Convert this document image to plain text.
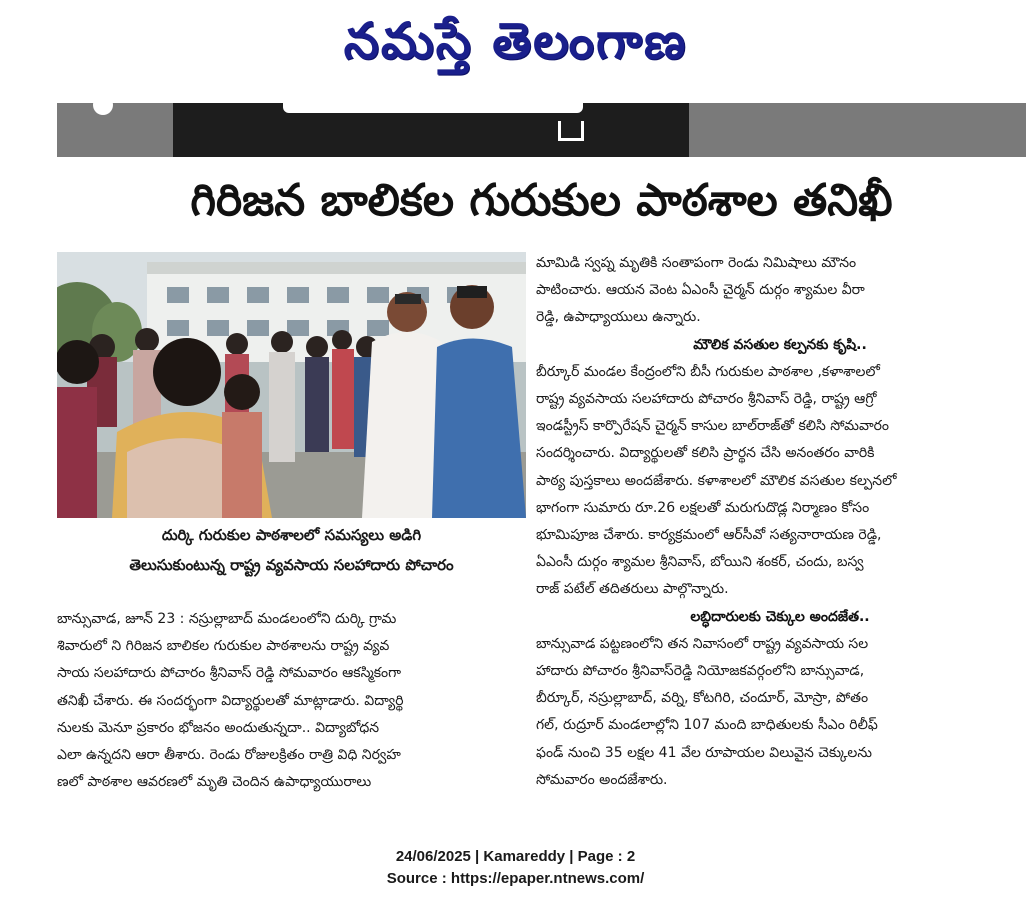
నమస్తే తెలంగాణ
గిరిజన బాలికల గురుకుల పాఠశాల తనిఖీ
దుర్కి గురుకుల పాఠశాలలో సమస్యలు అడిగి
తెలుసుకుంటున్న రాష్ట్ర వ్యవసాయ సలహాదారు పోచారం
బాన్సువాడ, జూన్ 23 : నస్రుల్లాబాద్ మండలంలోని దుర్కి గ్రామ
శివారులో ని గిరిజన బాలికల గురుకుల పాఠశాలను రాష్ట్ర వ్యవ
సాయ సలహాదారు పోచారం శ్రీనివాస్ రెడ్డి సోమవారం ఆకస్మికంగా
తనిఖీ చేశారు. ఈ సందర్భంగా విద్యార్థులతో మాట్లాడారు. విద్యార్థి
నులకు మెనూ ప్రకారం భోజనం అందుతున్నదా.. విద్యాబోధన
ఎలా ఉన్నదని ఆరా తీశారు. రెండు రోజులక్రితం రాత్రి విధి నిర్వహ
ణలో పాఠశాల ఆవరణలో మృతి చెందిన ఉపాధ్యాయురాలు
మామిడి స్వప్న మృతికి సంతాపంగా రెండు నిమిషాలు మౌనం
పాటించారు. ఆయన వెంట ఏఎంసీ చైర్మన్ దుర్గం శ్యామల వీరా
రెడ్డి, ఉపాధ్యాయులు ఉన్నారు.
మౌలిక వసతుల కల్పనకు కృషి..
బీర్కూర్ మండల కేంద్రంలోని బీసీ గురుకుల పాఠశాల ,కళాశాలలో
రాష్ట్ర వ్యవసాయ సలహాదారు పోచారం శ్రీనివాస్ రెడ్డి, రాష్ట్ర ఆగ్రో
ఇండస్ట్రీస్ కార్పొరేషన్ చైర్మన్ కాసుల బాల్‌రాజ్‌తో కలిసి సోమవారం
సందర్శించారు. విద్యార్థులతో కలిసి ప్రార్థన చేసి అనంతరం వారికి
పాఠ్య పుస్తకాలు అందజేశారు. కళాశాలలో మౌలిక వసతుల కల్పనలో
భాగంగా సుమారు రూ.26 లక్షలతో మరుగుదొడ్ల నిర్మాణం కోసం
భూమిపూజ చేశారు. కార్యక్రమంలో ఆర్‌సీవో సత్యనారాయణ రెడ్డి,
ఏఎంసీ దుర్గం శ్యామల శ్రీనివాస్, బోయిని శంకర్, చందు, బస్వ
రాజ్ పటేల్ తదితరులు పాల్గొన్నారు.
లబ్ధిదారులకు చెక్కుల అందజేత..
బాన్సువాడ పట్టణంలోని తన నివాసంలో రాష్ట్ర వ్యవసాయ సల
హాదారు పోచారం శ్రీనివాస్‌రెడ్డి నియోజకవర్గంలోని బాన్సువాడ,
బీర్కూర్, నస్రుల్లాబాద్, వర్ని, కోటగిరి, చందూర్, మోస్రా, పోతం
గల్, రుద్రూర్ మండలాల్లోని 107 మంది బాధితులకు సీఎం రిలీఫ్
ఫండ్ నుంచి 35 లక్షల 41 వేల రూపాయల విలువైన చెక్కులను
సోమవారం అందజేశారు.
24/06/2025 | Kamareddy | Page : 2
Source : https://epaper.ntnews.com/
